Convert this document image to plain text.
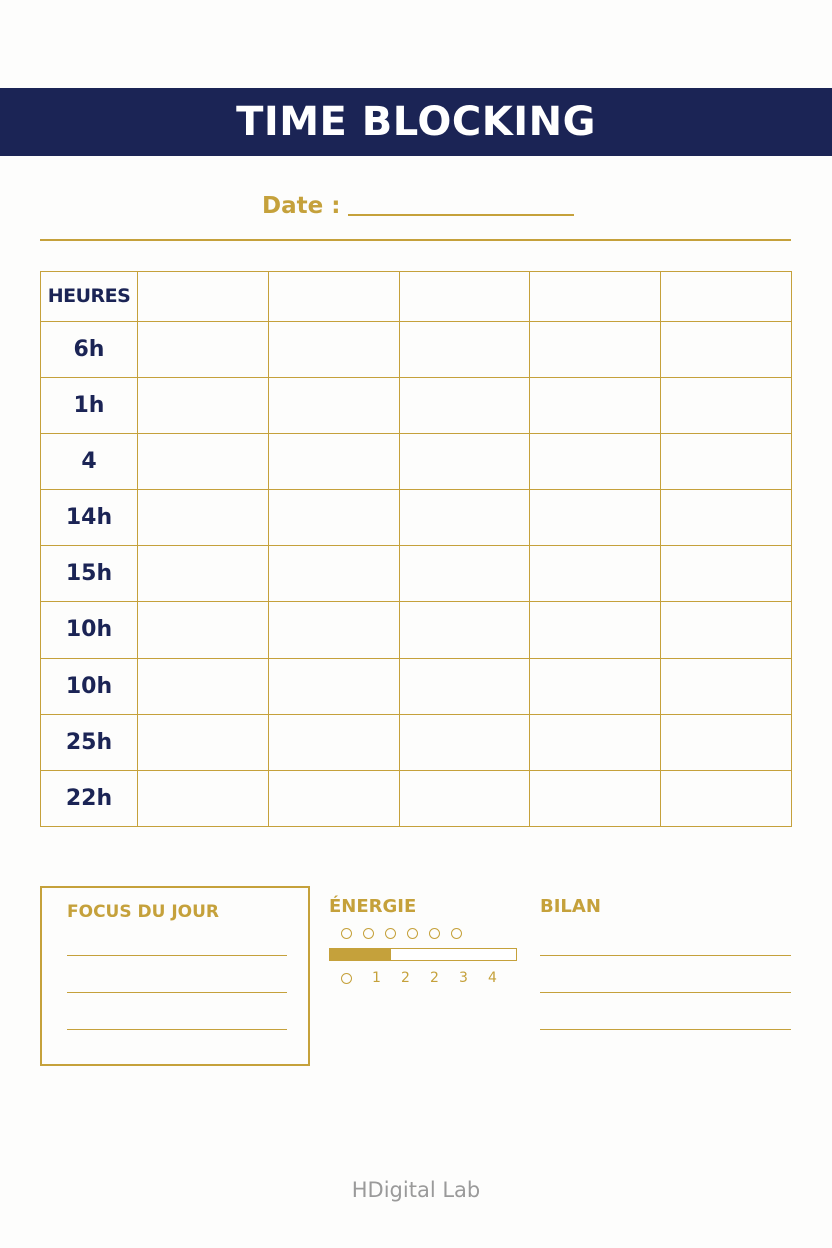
TIME BLOCKING
Date :
HEURES					
6h					
1h					
4					
14h					
15h					
10h					
10h					
25h					
22h					
FOCUS DU JOUR	ÉNERGIE
1	2	2	3	4
BILAN
HDigital Lab
